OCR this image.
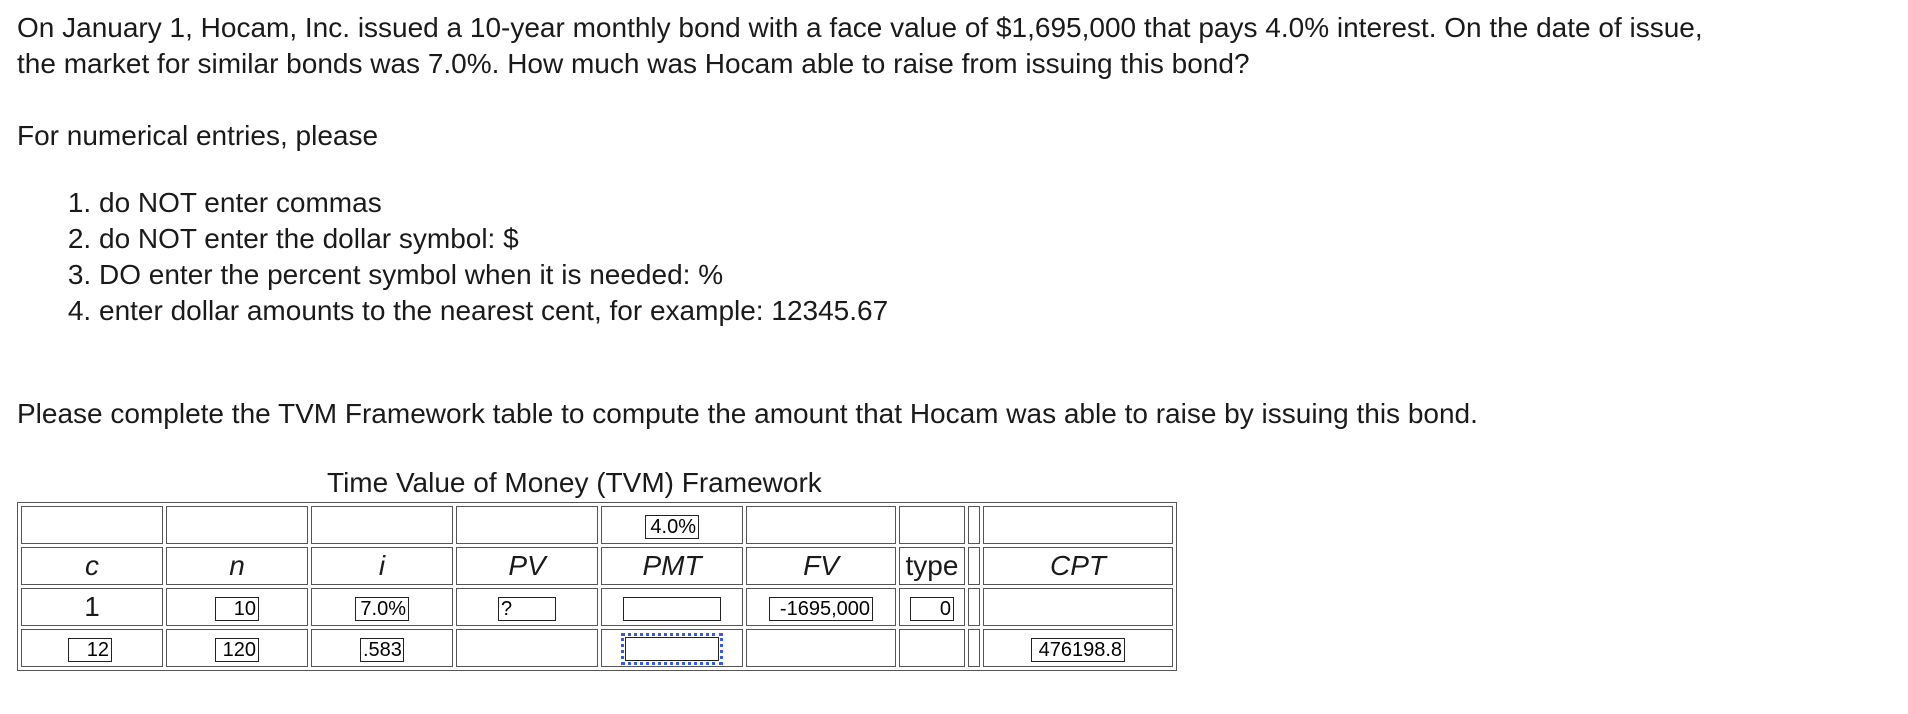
On January 1, Hocam, Inc. issued a 10-year monthly bond with a face value of $1,695,000 that pays 4.0% interest. On the date of issue,
the market for similar bonds was 7.0%. How much was Hocam able to raise from issuing this bond?

For numerical entries, please

1. do NOT enter commas
2. do NOT enter the dollar symbol: $
3. DO enter the percent symbol when it is needed: %
4. enter dollar amounts to the nearest cent, for example: 12345.67

Please complete the TVM Framework table to compute the amount that Hocam was able to raise by issuing this bond.

Time Value of Money (TVM) Framework
				4.0%				
c	n	i	PV	PMT	FV	type		CPT
1	10	7.0%	?		-1695,000	0		
12	120	.583						476198.8
